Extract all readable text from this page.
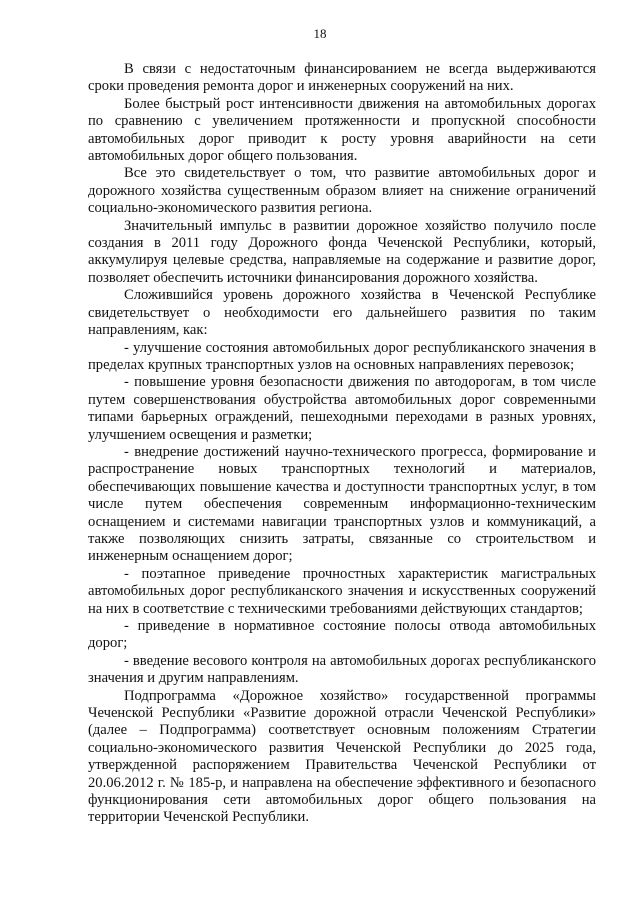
18

В связи с недостаточным финансированием не всегда выдерживаются сроки проведения ремонта дорог и инженерных сооружений на них.

Более быстрый рост интенсивности движения на автомобильных дорогах по сравнению с увеличением протяженности и пропускной способности автомобильных дорог приводит к росту уровня аварийности на сети автомобильных дорог общего пользования.

Все это свидетельствует о том, что развитие автомобильных дорог и дорожного хозяйства существенным образом влияет на снижение ограничений социально-экономического развития региона.

Значительный импульс в развитии дорожное хозяйство получило после создания в 2011 году Дорожного фонда Чеченской Республики, который, аккумулируя целевые средства, направляемые на содержание и развитие дорог, позволяет обеспечить источники финансирования дорожного хозяйства.

Сложившийся уровень дорожного хозяйства в Чеченской Республике свидетельствует о необходимости его дальнейшего развития по таким направлениям, как:

- улучшение состояния автомобильных дорог республиканского значения в пределах крупных транспортных узлов на основных направлениях перевозок;

- повышение уровня безопасности движения по автодорогам, в том числе путем совершенствования обустройства автомобильных дорог современными типами барьерных ограждений, пешеходными переходами в разных уровнях, улучшением освещения и разметки;

- внедрение достижений научно-технического прогресса, формирование и распространение новых транспортных технологий и материалов, обеспечивающих повышение качества и доступности транспортных услуг, в том числе путем обеспечения современным информационно-техническим оснащением и системами навигации транспортных узлов и коммуникаций, а также позволяющих снизить затраты, связанные со строительством и инженерным оснащением дорог;

- поэтапное приведение прочностных характеристик магистральных автомобильных дорог республиканского значения и искусственных сооружений на них в соответствие с техническими требованиями действующих стандартов;

- приведение в нормативное состояние полосы отвода автомобильных дорог;

- введение весового контроля на автомобильных дорогах республиканского значения и другим направлениям.

Подпрограмма «Дорожное хозяйство» государственной программы Чеченской Республики «Развитие дорожной отрасли Чеченской Республики» (далее – Подпрограмма) соответствует основным положениям Стратегии социально-экономического развития Чеченской Республики до 2025 года, утвержденной распоряжением Правительства Чеченской Республики от 20.06.2012 г. № 185-р, и направлена на обеспечение эффективного и безопасного функционирования сети автомобильных дорог общего пользования на территории Чеченской Республики.
